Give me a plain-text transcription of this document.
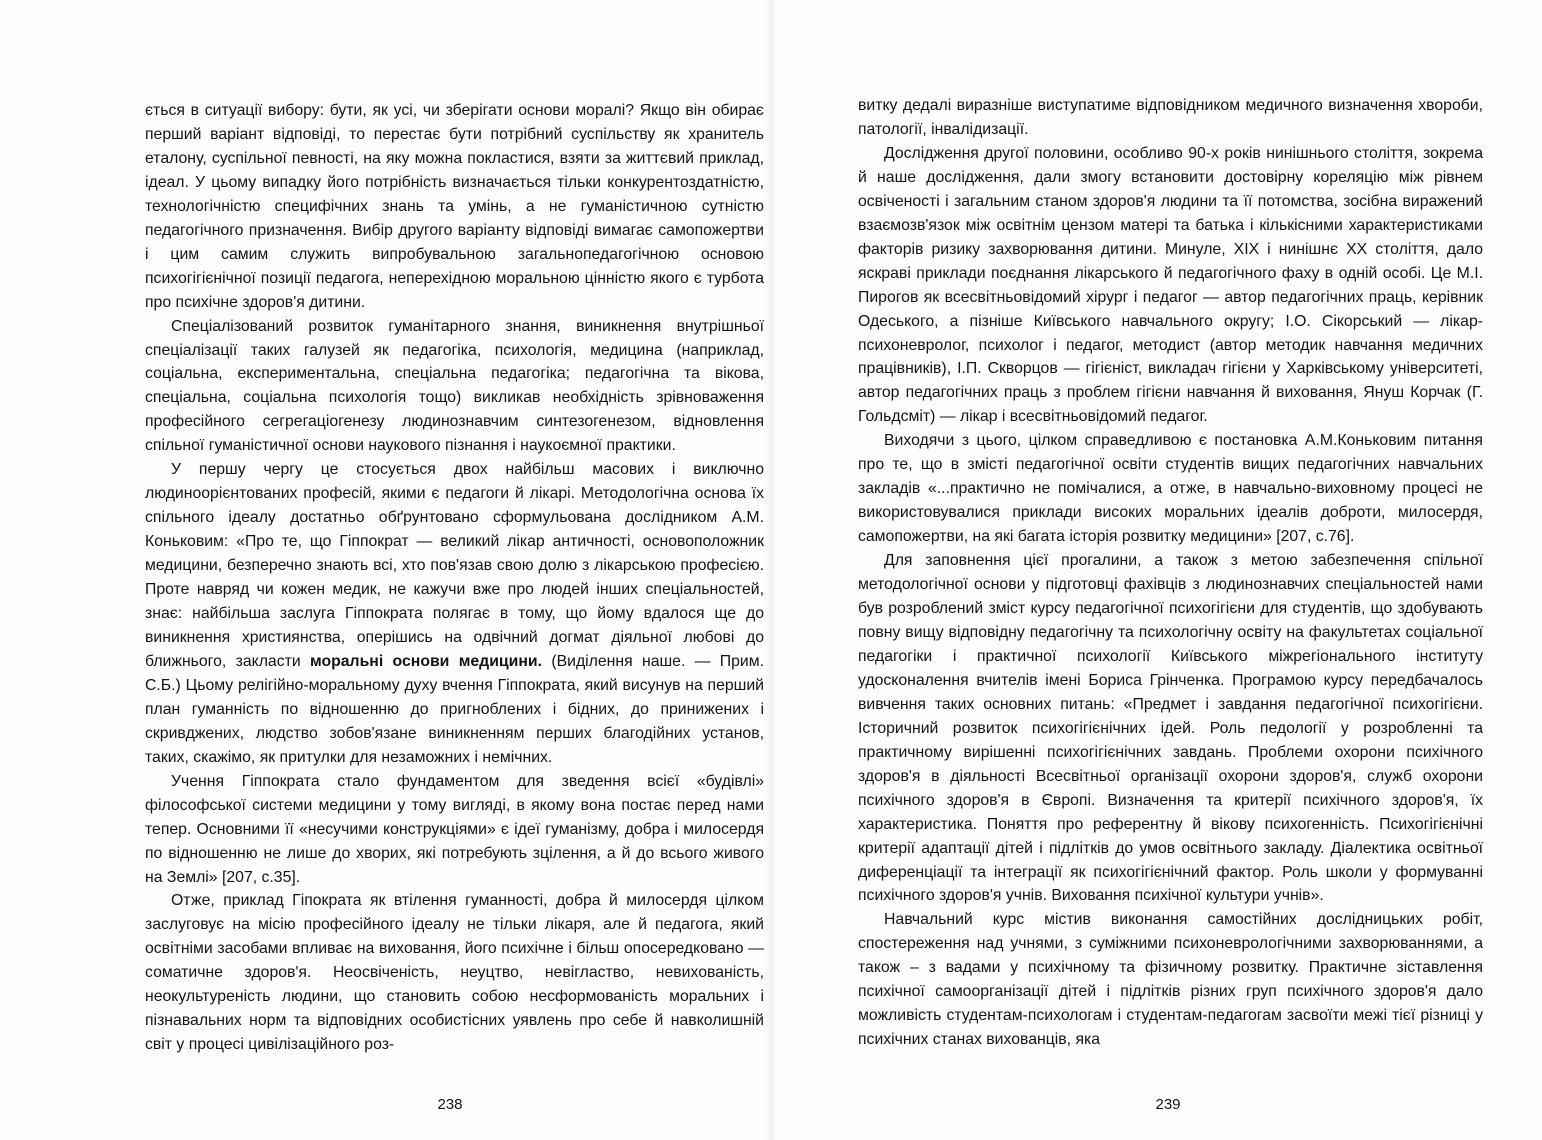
ється в ситуації вибору: бути, як усі, чи зберігати основи моралі? Якщо він обирає перший варіант відповіді, то перестає бути потрібний суспільству як хранитель еталону, суспільної певності, на яку можна покластися, взяти за життєвий приклад, ідеал. У цьому випадку його потрібність визначається тільки конкурентоздатністю, технологічністю специфічних знань та умінь, а не гуманістичною сутністю педагогічного призначення. Вибір другого варіанту відповіді вимагає самопожертви і цим самим служить випробувальною загальнопедагогічною основою психогігієнічної позиції педагога, неперехідною моральною цінністю якого є турбота про психічне здоров'я дитини.

Спеціалізований розвиток гуманітарного знання, виникнення внутрішньої спеціалізації таких галузей як педагогіка, психологія, медицина (наприклад, соціальна, експериментальна, спеціальна педагогіка; педагогічна та вікова, спеціальна, соціальна психологія тощо) викликав необхідність зрівноваження професійного сегрегаціогенезу людинознавчим синтезогенезом, відновлення спільної гуманістичної основи наукового пізнання і наукоємної практики.

У першу чергу це стосується двох найбільш масових і виключно людиноорієнтованих професій, якими є педагоги й лікарі. Методологічна основа їх спільного ідеалу достатньо обґрунтовано сформульована дослідником А.М. Коньковим: «Про те, що Гіппократ — великий лікар античності, основоположник медицини, безперечно знають всі, хто пов'язав свою долю з лікарською професією. Проте навряд чи кожен медик, не кажучи вже про людей інших спеціальностей, знає: найбільша заслуга Гіппократа полягає в тому, що йому вдалося ще до виникнення християнства, оперішись на одвічний догмат діяльної любові до ближнього, закласти моральні основи медицини. (Виділення наше. — Прим. С.Б.) Цьому релігійно-моральному духу вчення Гіппократа, який висунув на перший план гуманність по відношенню до пригноблених і бідних, до принижених і скривджених, людство зобов'язане виникненням перших благодійних установ, таких, скажімо, як притулки для незаможних і немічних.

Учення Гіппократа стало фундаментом для зведення всієї «будівлі» філософської системи медицини у тому вигляді, в якому вона постає перед нами тепер. Основними її «несучими конструкціями» є ідеї гуманізму, добра і милосердя по відношенню не лише до хворих, які потребують зцілення, а й до всього живого на Землі» [207, с.35].

Отже, приклад Гіпократа як втілення гуманності, добра й милосердя цілком заслуговує на місію професійного ідеалу не тільки лікаря, але й педагога, який освітніми засобами впливає на виховання, його психічне і більш опосередковано — соматичне здоров'я. Неосвіченість, неуцтво, невігластво, невихованість, неокультуреність людини, що становить собою несформованість моральних і пізнавальних норм та відповідних особистісних уявлень про себе й навколишній світ у процесі цивілізаційного роз-

238

витку дедалі виразніше виступатиме відповідником медичного визначення хвороби, патології, інвалідизації.

Дослідження другої половини, особливо 90-х років нинішнього століття, зокрема й наше дослідження, дали змогу встановити достовірну кореляцію між рівнем освіченості і загальним станом здоров'я людини та її потомства, зосібна виражений взаємозв'язок між освітнім цензом матері та батька і кількісними характеристиками факторів ризику захворювання дитини. Минуле, XIX і нинішнє XX століття, дало яскраві приклади поєднання лікарського й педагогічного фаху в одній особі. Це М.І. Пирогов як всесвітньовідомий хірург і педагог — автор педагогічних праць, керівник Одеського, а пізніше Київського навчального округу; І.О. Сікорський — лікар-психоневролог, психолог і педагог, методист (автор методик навчання медичних працівників), І.П. Скворцов — гігієніст, викладач гігієни у Харківському університеті, автор педагогічних праць з проблем гігієни навчання й виховання, Януш Корчак (Г. Гольдсміт) — лікар і всесвітньовідомий педагог.

Виходячи з цього, цілком справедливою є постановка А.М.Коньковим питання про те, що в змісті педагогічної освіти студентів вищих педагогічних навчальних закладів «...практично не помічалися, а отже, в навчально-виховному процесі не використовувалися приклади високих моральних ідеалів доброти, милосердя, самопожертви, на які багата історія розвитку медицини» [207, с.76].

Для заповнення цієї прогалини, а також з метою забезпечення спільної методологічної основи у підготовці фахівців з людинознавчих спеціальностей нами був розроблений зміст курсу педагогічної психогігієни для студентів, що здобувають повну вищу відповідну педагогічну та психологічну освіту на факультетах соціальної педагогіки і практичної психології Київського міжрегіонального інституту удосконалення вчителів імені Бориса Грінченка. Програмою курсу передбачалось вивчення таких основних питань: «Предмет і завдання педагогічної психогігієни. Історичний розвиток психогігієнічних ідей. Роль педології у розробленні та практичному вирішенні психогігієнічних завдань. Проблеми охорони психічного здоров'я в діяльності Всесвітньої організації охорони здоров'я, служб охорони психічного здоров'я в Європі. Визначення та критерії психічного здоров'я, їх характеристика. Поняття про референтну й вікову психогенність. Психогігієнічні критерії адаптації дітей і підлітків до умов освітнього закладу. Діалектика освітньої диференціації та інтеграції як психогігієнічний фактор. Роль школи у формуванні психічного здоров'я учнів. Виховання психічної культури учнів».

Навчальний курс містив виконання самостійних дослідницьких робіт, спостереження над учнями, з суміжними психоневрологічними захворюваннями, а також – з вадами у психічному та фізичному розвитку. Практичне зіставлення психічної самоорганізації дітей і підлітків різних груп психічного здоров'я дало можливість студентам-психологам і студентам-педагогам засвоїти межі тієї різниці у психічних станах вихованців, яка

239
